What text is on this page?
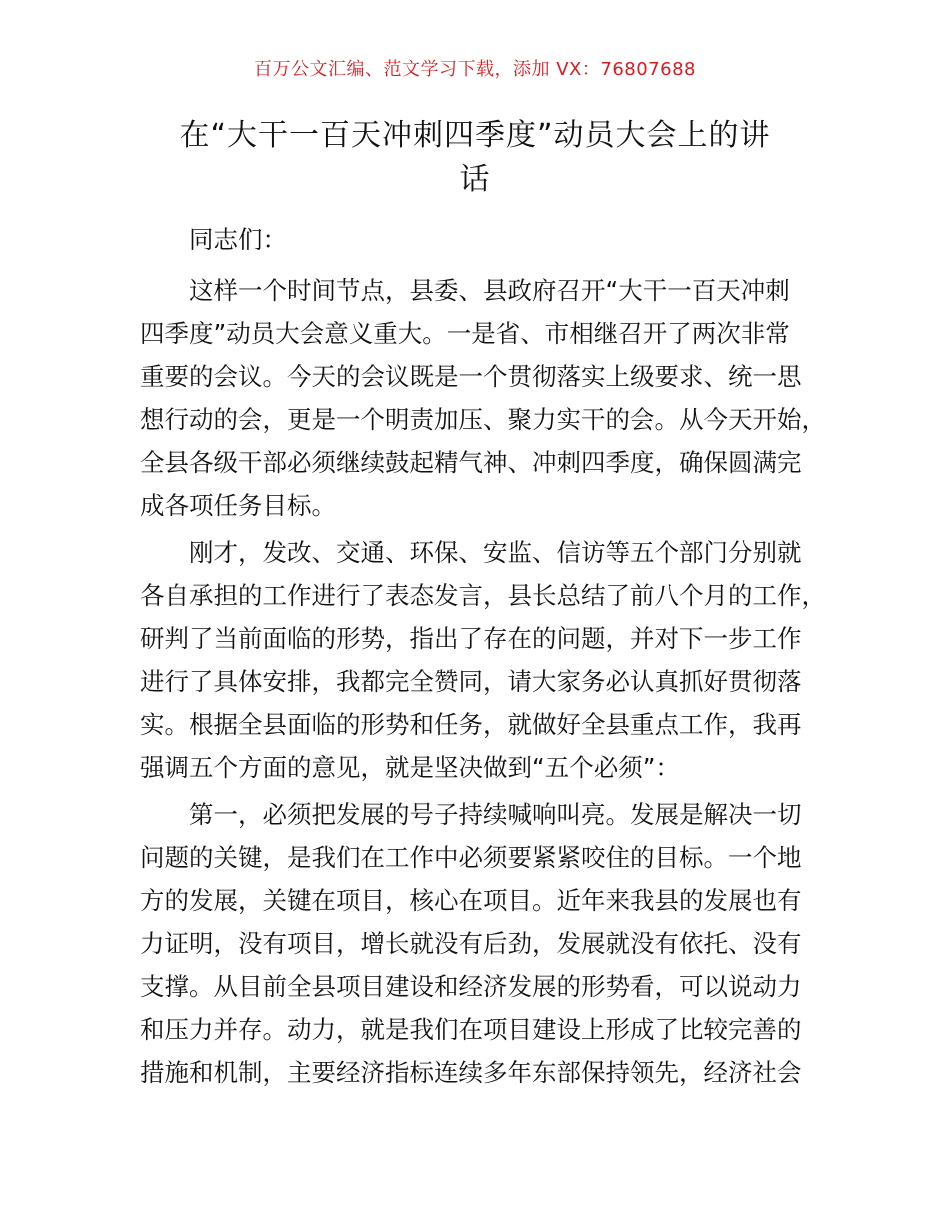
百万公文汇编、范文学习下载，添加 VX：76807688
在“大干一百天冲刺四季度”动员大会上的讲
话

同志们：

这样一个时间节点，县委、县政府召开“大干一百天冲刺
四季度”动员大会意义重大。一是省、市相继召开了两次非常
重要的会议。今天的会议既是一个贯彻落实上级要求、统一思
想行动的会，更是一个明责加压、聚力实干的会。从今天开始，
全县各级干部必须继续鼓起精气神、冲刺四季度，确保圆满完
成各项任务目标。

刚才，发改、交通、环保、安监、信访等五个部门分别就
各自承担的工作进行了表态发言，县长总结了前八个月的工作，
研判了当前面临的形势，指出了存在的问题，并对下一步工作
进行了具体安排，我都完全赞同，请大家务必认真抓好贯彻落
实。根据全县面临的形势和任务，就做好全县重点工作，我再
强调五个方面的意见，就是坚决做到“五个必须”：

第一，必须把发展的号子持续喊响叫亮。发展是解决一切
问题的关键，是我们在工作中必须要紧紧咬住的目标。一个地
方的发展，关键在项目，核心在项目。近年来我县的发展也有
力证明，没有项目，增长就没有后劲，发展就没有依托、没有
支撑。从目前全县项目建设和经济发展的形势看，可以说动力
和压力并存。动力，就是我们在项目建设上形成了比较完善的
措施和机制，主要经济指标连续多年东部保持领先，经济社会
